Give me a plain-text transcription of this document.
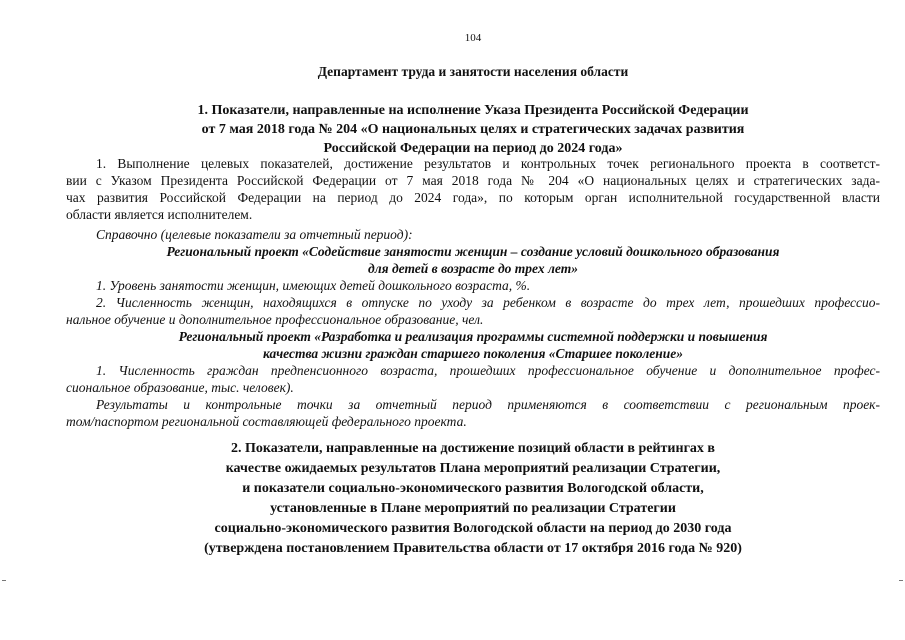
104
Департамент труда и занятости населения области
1. Показатели, направленные на исполнение Указа Президента Российской Федерации
от 7 мая 2018 года № 204 «О национальных целях и стратегических задачах развития
Российской Федерации на период до 2024 года»
1. Выполнение целевых показателей, достижение результатов и контрольных точек регионального проекта в соответст-
вии с Указом Президента Российской Федерации от 7 мая 2018 года № 204 «О национальных целях и стратегических зада-
чах развития Российской Федерации на период до 2024 года», по которым орган исполнительной государственной власти
области является исполнителем.
Справочно (целевые показатели за отчетный период):
Региональный проект «Содействие занятости женщин – создание условий дошкольного образования
для детей в возрасте до трех лет»
1. Уровень занятости женщин, имеющих детей дошкольного возраста, %.
2. Численность женщин, находящихся в отпуске по уходу за ребенком в возрасте до трех лет, прошедших профессио-
нальное обучение и дополнительное профессиональное образование, чел.
Региональный проект «Разработка и реализация программы системной поддержки и повышения
качества жизни граждан старшего поколения «Старшее поколение»
1. Численность граждан предпенсионного возраста, прошедших профессиональное обучение и дополнительное профес-
сиональное образование, тыс. человек).
Результаты и контрольные точки за отчетный период применяются в соответствии с региональным проек-
том/паспортом региональной составляющей федерального проекта.
2. Показатели, направленные на достижение позиций области в рейтингах в
качестве ожидаемых результатов Плана мероприятий реализации Стратегии,
и показатели социально-экономического развития Вологодской области,
установленные в Плане мероприятий по реализации Стратегии
социально-экономического развития Вологодской области на период до 2030 года
(утверждена постановлением Правительства области от 17 октября 2016 года № 920)
